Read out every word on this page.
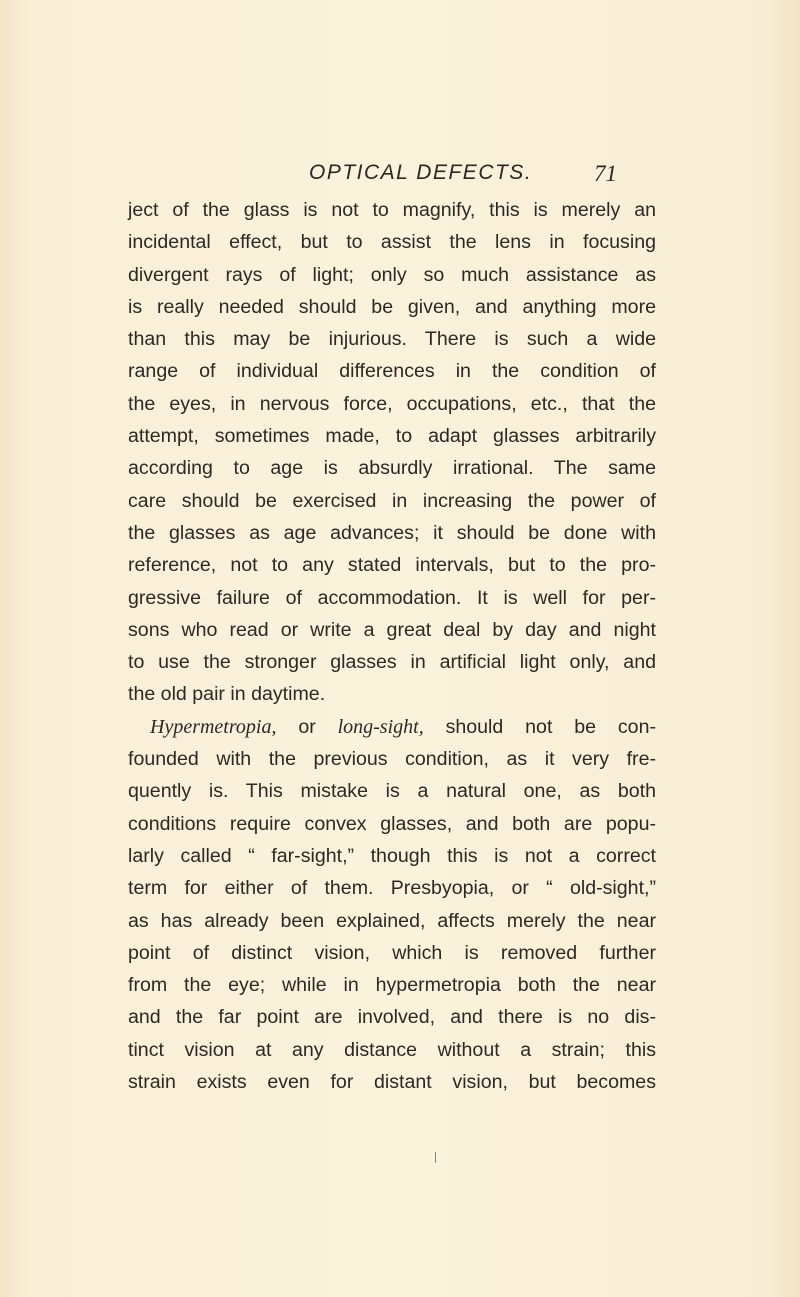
OPTICAL DEFECTS.	71
ject of the glass is not to magnify, this is merely an
incidental effect, but to assist the lens in focusing
divergent rays of light; only so much assistance as
is really needed should be given, and anything more
than this may be injurious. There is such a wide
range of individual differences in the condition of
the eyes, in nervous force, occupations, etc., that the
attempt, sometimes made, to adapt glasses arbitrarily
according to age is absurdly irrational. The same
care should be exercised in increasing the power of
the glasses as age advances; it should be done with
reference, not to any stated intervals, but to the pro-
gressive failure of accommodation. It is well for per-
sons who read or write a great deal by day and night
to use the stronger glasses in artificial light only, and
the old pair in daytime.
Hypermetropia, or long-sight, should not be con-
founded with the previous condition, as it very fre-
quently is. This mistake is a natural one, as both
conditions require convex glasses, and both are popu-
larly called “ far-sight,” though this is not a correct
term for either of them. Presbyopia, or “ old-sight,”
as has already been explained, affects merely the near
point of distinct vision, which is removed further
from the eye; while in hypermetropia both the near
and the far point are involved, and there is no dis-
tinct vision at any distance without a strain; this
strain exists even for distant vision, but becomes
